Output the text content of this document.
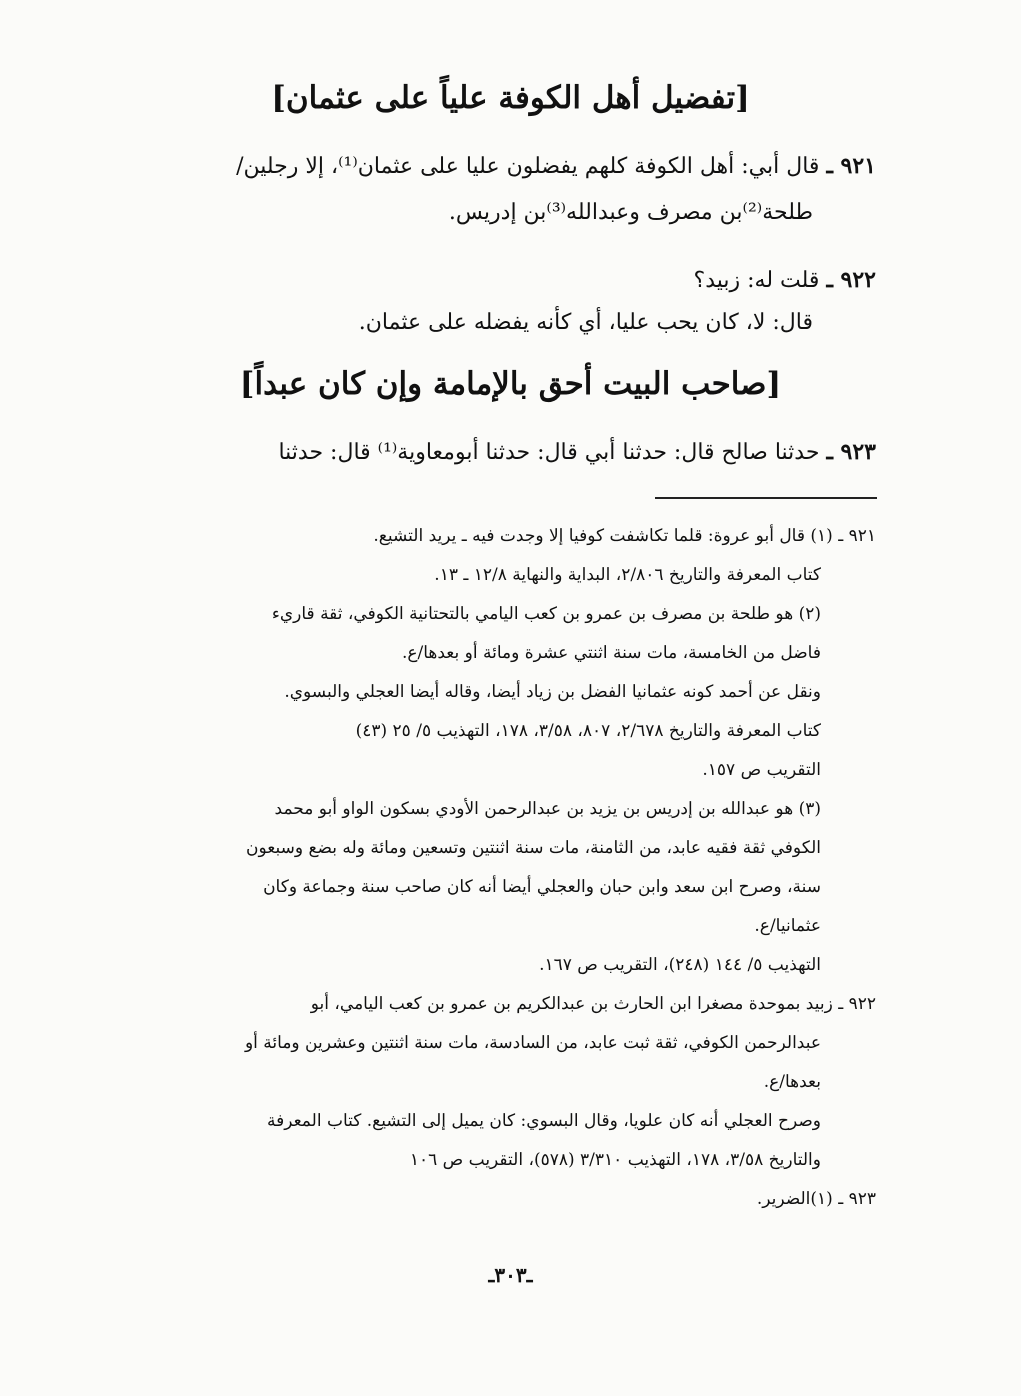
[تفضيل أهل الكوفة علياً على عثمان]
٩٢١ ـ قال أبي: أهل الكوفة كلهم يفضلون عليا على عثمان⁽¹⁾، إلا رجلين/
طلحة⁽²⁾بن مصرف وعبدالله⁽³⁾بن إدريس.
٩٢٢ ـ قلت له: زبيد؟
قال: لا، كان يحب عليا، أي كأنه يفضله على عثمان.
[صاحب البيت أحق بالإمامة وإن كان عبداً]
٩٢٣ ـ حدثنا صالح قال: حدثنا أبي قال: حدثنا أبومعاوية⁽¹⁾ قال: حدثنا
٩٢١ ـ (١) قال أبو عروة: قلما تكاشفت كوفيا إلا وجدت فيه ـ يريد التشيع.
كتاب المعرفة والتاريخ ٢/٨٠٦، البداية والنهاية ١٢/٨ ـ ١٣.
(٢) هو طلحة بن مصرف بن عمرو بن كعب اليامي بالتحتانية الكوفي، ثقة قاريء
فاضل من الخامسة، مات سنة اثنتي عشرة ومائة أو بعدها/ع.
ونقل عن أحمد كونه عثمانيا الفضل بن زياد أيضا، وقاله أيضا العجلي والبسوي.
كتاب المعرفة والتاريخ ٢/٦٧٨، ٨٠٧، ٣/٥٨، ١٧٨، التهذيب ٥/ ٢٥ (٤٣)
التقريب ص ١٥٧.
(٣) هو عبدالله بن إدريس بن يزيد بن عبدالرحمن الأودي بسكون الواو أبو محمد
الكوفي ثقة فقيه عابد، من الثامنة، مات سنة اثنتين وتسعين ومائة وله بضع وسبعون
سنة، وصرح ابن سعد وابن حبان والعجلي أيضا أنه كان صاحب سنة وجماعة وكان
عثمانيا/ع.
التهذيب ٥/ ١٤٤ (٢٤٨)، التقريب ص ١٦٧.
٩٢٢ ـ زبيد بموحدة مصغرا ابن الحارث بن عبدالكريم بن عمرو بن كعب اليامي، أبو
عبدالرحمن الكوفي، ثقة ثبت عابد، من السادسة، مات سنة اثنتين وعشرين ومائة أو
بعدها/ع.
وصرح العجلي أنه كان علويا، وقال البسوي: كان يميل إلى التشيع. كتاب المعرفة
والتاريخ ٣/٥٨، ١٧٨، التهذيب ٣/٣١٠ (٥٧٨)، التقريب ص ١٠٦
٩٢٣ ـ (١)الضرير.
ـ٣٠٣ـ
